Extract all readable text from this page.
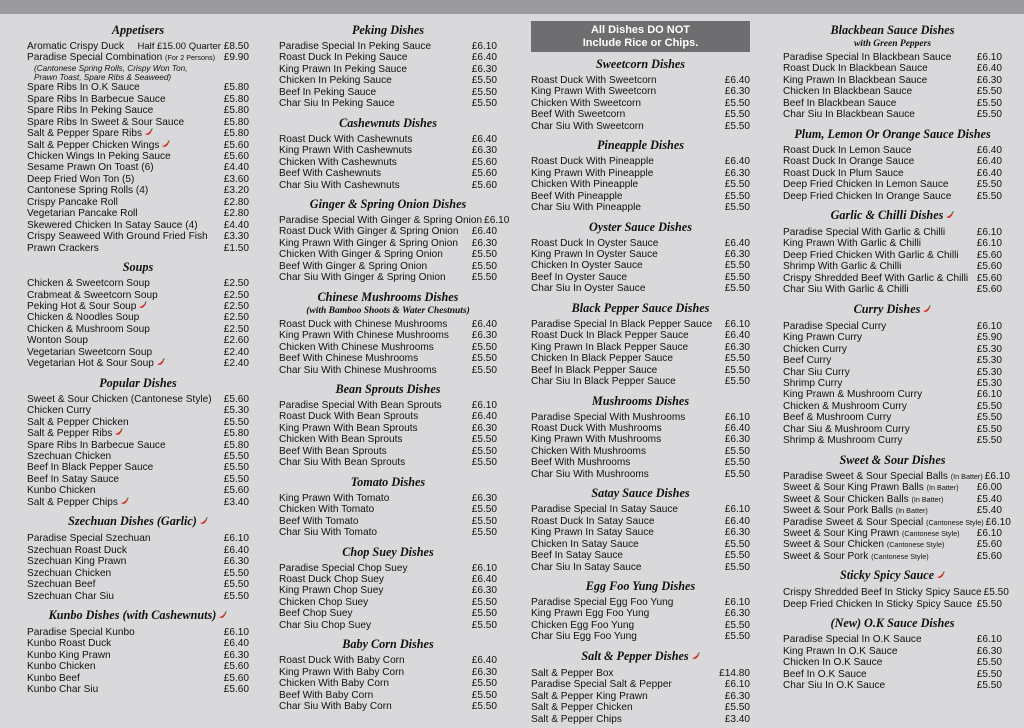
Appetisers
Aromatic Crispy Duck Half £15.00 Quarter £8.50
Paradise Special Combination (For 2 Persons) £9.90
(Cantonese Spring Rolls, Crispy Won Ton,
Prawn Toast, Spare Ribs & Seaweed)
Spare Ribs In O.K Sauce	£5.80
Spare Ribs In Barbecue Sauce	£5.80
Spare Ribs In Peking Sauce	£5.80
Spare Ribs In Sweet & Sour Sauce	£5.80
Salt & Pepper Spare Ribs	£5.80
Salt & Pepper Chicken Wings	£5.60
Chicken Wings In Peking Sauce	£5.60
Sesame Prawn On Toast (6)	£4.40
Deep Fried Won Ton (5)	£3.60
Cantonese Spring Rolls (4)	£3.20
Crispy Pancake Roll	£2.80
Vegetarian Pancake Roll	£2.80
Skewered Chicken In Satay Sauce (4)	£4.40
Crispy Seaweed With Ground Fried Fish £3.30
Prawn Crackers	£1.50
Soups
Chicken & Sweetcorn Soup	£2.50
Crabmeat & Sweetcorn Soup	£2.50
Peking Hot & Sour Soup	£2.50
Chicken & Noodles Soup	£2.50
Chicken & Mushroom Soup	£2.50
Wonton Soup	£2.60
Vegetarian Sweetcorn Soup	£2.40
Vegetarian Hot & Sour Soup	£2.40
Popular Dishes
Sweet & Sour Chicken (Cantonese Style) £5.60
Chicken Curry	£5.30
Salt & Pepper Chicken	£5.50
Salt & Pepper Ribs	£5.80
Spare Ribs In Barbecue Sauce	£5.80
Szechuan Chicken	£5.50
Beef In Black Pepper Sauce	£5.50
Beef In Satay Sauce	£5.50
Kunbo Chicken	£5.60
Salt & Pepper Chips	£3.40
Szechuan Dishes (Garlic)
Paradise Special Szechuan	£6.10
Szechuan Roast Duck	£6.40
Szechuan King Prawn	£6.30
Szechuan Chicken	£5.50
Szechuan Beef	£5.50
Szechuan Char Siu	£5.50
Kunbo Dishes (with Cashewnuts)
Paradise Special Kunbo	£6.10
Kunbo Roast Duck	£6.40
Kunbo King Prawn	£6.30
Kunbo Chicken	£5.60
Kunbo Beef	£5.60
Kunbo Char Siu	£5.60
Peking Dishes
Paradise Special In Peking Sauce	£6.10
Roast Duck In Peking Sauce	£6.40
King Prawn In Peking Sauce	£6.30
Chicken In Peking Sauce	£5.50
Beef In Peking Sauce	£5.50
Char Siu In Peking Sauce	£5.50
Cashewnuts Dishes
Roast Duck With Cashewnuts	£6.40
King Prawn With Cashewnuts	£6.30
Chicken With Cashewnuts	£5.60
Beef With Cashewnuts	£5.60
Char Siu With Cashewnuts	£5.60
Ginger & Spring Onion Dishes
Paradise Special With Ginger & Spring Onion £6.10
Roast Duck With Ginger & Spring Onion £6.40
King Prawn With Ginger & Spring Onion £6.30
Chicken With Ginger & Spring Onion	£5.50
Beef With Ginger & Spring Onion	£5.50
Char Siu With Ginger & Spring Onion	£5.50
Chinese Mushrooms Dishes
(with Bamboo Shoots & Water Chestnuts)
Roast Duck with Chinese Mushrooms £6.40
King Prawn With Chinese Mushrooms £6.30
Chicken With Chinese Mushrooms	£5.50
Beef With Chinese Mushrooms	£5.50
Char Siu With Chinese Mushrooms	£5.50
Bean Sprouts Dishes
Paradise Special With Bean Sprouts	£6.10
Roast Duck With Bean Sprouts	£6.40
King Prawn With Bean Sprouts	£6.30
Chicken With Bean Sprouts	£5.50
Beef With Bean Sprouts	£5.50
Char Siu With Bean Sprouts	£5.50
Tomato Dishes
King Prawn With Tomato	£6.30
Chicken With Tomato	£5.50
Beef With Tomato	£5.50
Char Siu With Tomato	£5.50
Chop Suey Dishes
Paradise Special Chop Suey	£6.10
Roast Duck Chop Suey	£6.40
King Prawn Chop Suey	£6.30
Chicken Chop Suey	£5.50
Beef Chop Suey	£5.50
Char Siu Chop Suey	£5.50
Baby Corn Dishes
Roast Duck With Baby Corn	£6.40
King Prawn With Baby Corn	£6.30
Chicken With Baby Corn	£5.50
Beef With Baby Corn	£5.50
Char Siu With Baby Corn	£5.50
All Dishes DO NOT
Include Rice or Chips.
Sweetcorn Dishes
Roast Duck With Sweetcorn	£6.40
King Prawn With Sweetcorn	£6.30
Chicken With Sweetcorn	£5.50
Beef With Sweetcorn	£5.50
Char Siu With Sweetcorn	£5.50
Pineapple Dishes
Roast Duck With Pineapple	£6.40
King Prawn With Pineapple	£6.30
Chicken With Pineapple	£5.50
Beef With Pineapple	£5.50
Char Siu With Pineapple	£5.50
Oyster Sauce Dishes
Roast Duck In Oyster Sauce	£6.40
King Prawn In Oyster Sauce	£6.30
Chicken In Oyster Sauce	£5.50
Beef In Oyster Sauce	£5.50
Char Siu In Oyster Sauce	£5.50
Black Pepper Sauce Dishes
Paradise Special In Black Pepper Sauce £6.10
Roast Duck In Black Pepper Sauce	£6.40
King Prawn In Black Pepper Sauce	£6.30
Chicken In Black Pepper Sauce	£5.50
Beef In Black Pepper Sauce	£5.50
Char Siu In Black Pepper Sauce	£5.50
Mushrooms Dishes
Paradise Special With Mushrooms	£6.10
Roast Duck With Mushrooms	£6.40
King Prawn With Mushrooms	£6.30
Chicken With Mushrooms	£5.50
Beef With Mushrooms	£5.50
Char Siu With Mushrooms	£5.50
Satay Sauce Dishes
Paradise Special In Satay Sauce	£6.10
Roast Duck In Satay Sauce	£6.40
King Prawn In Satay Sauce	£6.30
Chicken In Satay Sauce	£5.50
Beef In Satay Sauce	£5.50
Char Siu In Satay Sauce	£5.50
Egg Foo Yung Dishes
Paradise Special Egg Foo Yung	£6.10
King Prawn Egg Foo Yung	£6.30
Chicken Egg Foo Yung	£5.50
Char Siu Egg Foo Yung	£5.50
Salt & Pepper Dishes
Salt & Pepper Box	£14.80
Paradise Special Salt & Pepper	£6.10
Salt & Pepper King Prawn	£6.30
Salt & Pepper Chicken	£5.50
Salt & Pepper Chips	£3.40
Blackbean Sauce Dishes
with Green Peppers
Paradise Special In Blackbean Sauce	£6.10
Roast Duck In Blackbean Sauce	£6.40
King Prawn In Blackbean Sauce	£6.30
Chicken In Blackbean Sauce	£5.50
Beef In Blackbean Sauce	£5.50
Char Siu In Blackbean Sauce	£5.50
Plum, Lemon Or Orange Sauce Dishes
Roast Duck In Lemon Sauce	£6.40
Roast Duck In Orange Sauce	£6.40
Roast Duck In Plum Sauce	£6.40
Deep Fried Chicken In Lemon Sauce	£5.50
Deep Fried Chicken In Orange Sauce	£5.50
Garlic & Chilli Dishes
Paradise Special With Garlic & Chilli	£6.10
King Prawn With Garlic & Chilli	£6.10
Deep Fried Chicken With Garlic & Chilli £5.60
Shrimp With Garlic & Chilli	£5.60
Crispy Shredded Beef With Garlic & Chilli £5.60
Char Siu With Garlic & Chilli	£5.60
Curry Dishes
Paradise Special Curry	£6.10
King Prawn Curry	£5.90
Chicken Curry	£5.30
Beef Curry	£5.30
Char Siu Curry	£5.30
Shrimp Curry	£5.30
King Prawn & Mushroom Curry	£6.10
Chicken & Mushroom Curry	£5.50
Beef & Mushroom Curry	£5.50
Char Siu & Mushroom Curry	£5.50
Shrimp & Mushroom Curry	£5.50
Sweet & Sour Dishes
Paradise Sweet & Sour Special Balls (In Batter) £6.10
Sweet & Sour King Prawn Balls (In Batter) £6.00
Sweet & Sour Chicken Balls (In Batter)	£5.40
Sweet & Sour Pork Balls (In Batter)	£5.40
Paradise Sweet & Sour Special (Cantonese Style) £6.10
Sweet & Sour King Prawn (Cantonese Style) £6.10
Sweet & Sour Chicken (Cantonese Style)	£5.60
Sweet & Sour Pork (Cantonese Style)	£5.60
Sticky Spicy Sauce
Crispy Shredded Beef In Sticky Spicy Sauce £5.50
Deep Fried Chicken In Sticky Spicy Sauce £5.50
(New) O.K Sauce Dishes
Paradise Special In O.K Sauce	£6.10
King Prawn In O.K Sauce	£6.30
Chicken In O.K Sauce	£5.50
Beef In O.K Sauce	£5.50
Char Siu In O.K Sauce	£5.50
